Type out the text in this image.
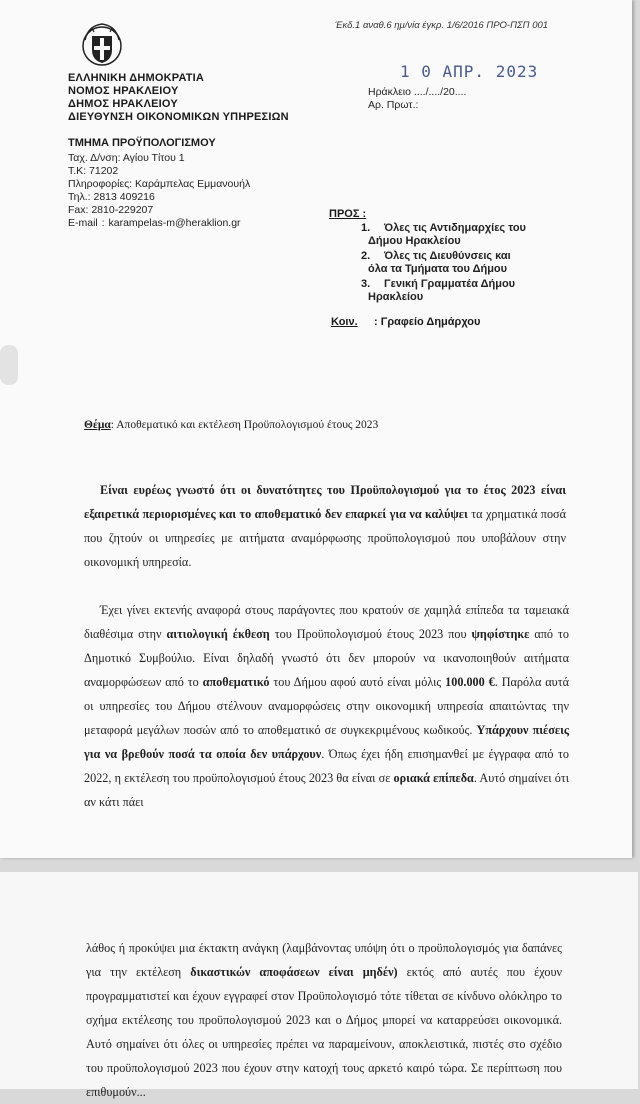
Έκδ.1 αναθ.6 ημ/νία έγκρ. 1/6/2016 ΠΡΟ-ΠΣΠ 001
ΕΛΛΗΝΙΚΗ ΔΗΜΟΚΡΑΤΙΑ
ΝΟΜΟΣ ΗΡΑΚΛΕΙΟΥ
ΔΗΜΟΣ ΗΡΑΚΛΕΙΟΥ
ΔΙΕΥΘΥΝΣΗ ΟΙΚΟΝΟΜΙΚΩΝ ΥΠΗΡΕΣΙΩΝ
1 0 ΑΠΡ. 2023
Ηράκλειο ..../..../20....
Αρ. Πρωτ.:
ΤΜΗΜΑ ΠΡΟΫΠΟΛΟΓΙΣΜΟΥ
Ταχ. Δ/νση: Αγίου Τίτου 1
Τ.Κ: 71202
Πληροφορίες: Καράμπελας Εμμανουήλ
Τηλ.: 2813 409216
Fax: 2810-229207
E-mail : karampelas-m@heraklion.gr
ΠΡΟΣ :
1. Όλες τις Αντιδημαρχίες του
Δήμου Ηρακλείου
2. Όλες τις Διευθύνσεις και
όλα τα Τμήματα του Δήμου
3. Γενική Γραμματέα Δήμου
Ηρακλείου
Κοιν. : Γραφείο Δημάρχου
Θέμα: Αποθεματικό και εκτέλεση Προϋπολογισμού έτους 2023
Είναι ευρέως γνωστό ότι οι δυνατότητες του Προϋπολογισμού για το έτος 2023 είναι εξαιρετικά περιορισμένες και το αποθεματικό δεν επαρκεί για να καλύψει τα χρηματικά ποσά που ζητούν οι υπηρεσίες με αιτήματα αναμόρφωσης προϋπολογισμού που υποβάλουν στην οικονομική υπηρεσία.
Έχει γίνει εκτενής αναφορά στους παράγοντες που κρατούν σε χαμηλά επίπεδα τα ταμειακά διαθέσιμα στην αιτιολογική έκθεση του Προϋπολογισμού έτους 2023 που ψηφίστηκε από το Δημοτικό Συμβούλιο. Είναι δηλαδή γνωστό ότι δεν μπορούν να ικανοποιηθούν αιτήματα αναμορφώσεων από το αποθεματικό του Δήμου αφού αυτό είναι μόλις 100.000 €. Παρόλα αυτά οι υπηρεσίες του Δήμου στέλνουν αναμορφώσεις στην οικονομική υπηρεσία απαιτώντας την μεταφορά μεγάλων ποσών από το αποθεματικό σε συγκεκριμένους κωδικούς. Υπάρχουν πιέσεις για να βρεθούν ποσά τα οποία δεν υπάρχουν. Όπως έχει ήδη επισημανθεί με έγγραφα από το 2022, η εκτέλεση του προϋπολογισμού έτους 2023 θα είναι σε οριακά επίπεδα. Αυτό σημαίνει ότι αν κάτι πάει
λάθος ή προκύψει μια έκτακτη ανάγκη (λαμβάνοντας υπόψη ότι ο προϋπολογισμός για δαπάνες για την εκτέλεση δικαστικών αποφάσεων είναι μηδέν) εκτός από αυτές που έχουν προγραμματιστεί και έχουν εγγραφεί στον Προϋπολογισμό τότε τίθεται σε κίνδυνο ολόκληρο το σχήμα εκτέλεσης του προϋπολογισμού 2023 και ο Δήμος μπορεί να καταρρεύσει οικονομικά. Αυτό σημαίνει ότι όλες οι υπηρεσίες πρέπει να παραμείνουν, αποκλειστικά, πιστές στο σχέδιο του προϋπολογισμού 2023 που έχουν στην κατοχή τους αρκετό καιρό τώρα. Σε περίπτωση που επιθυμούν...
